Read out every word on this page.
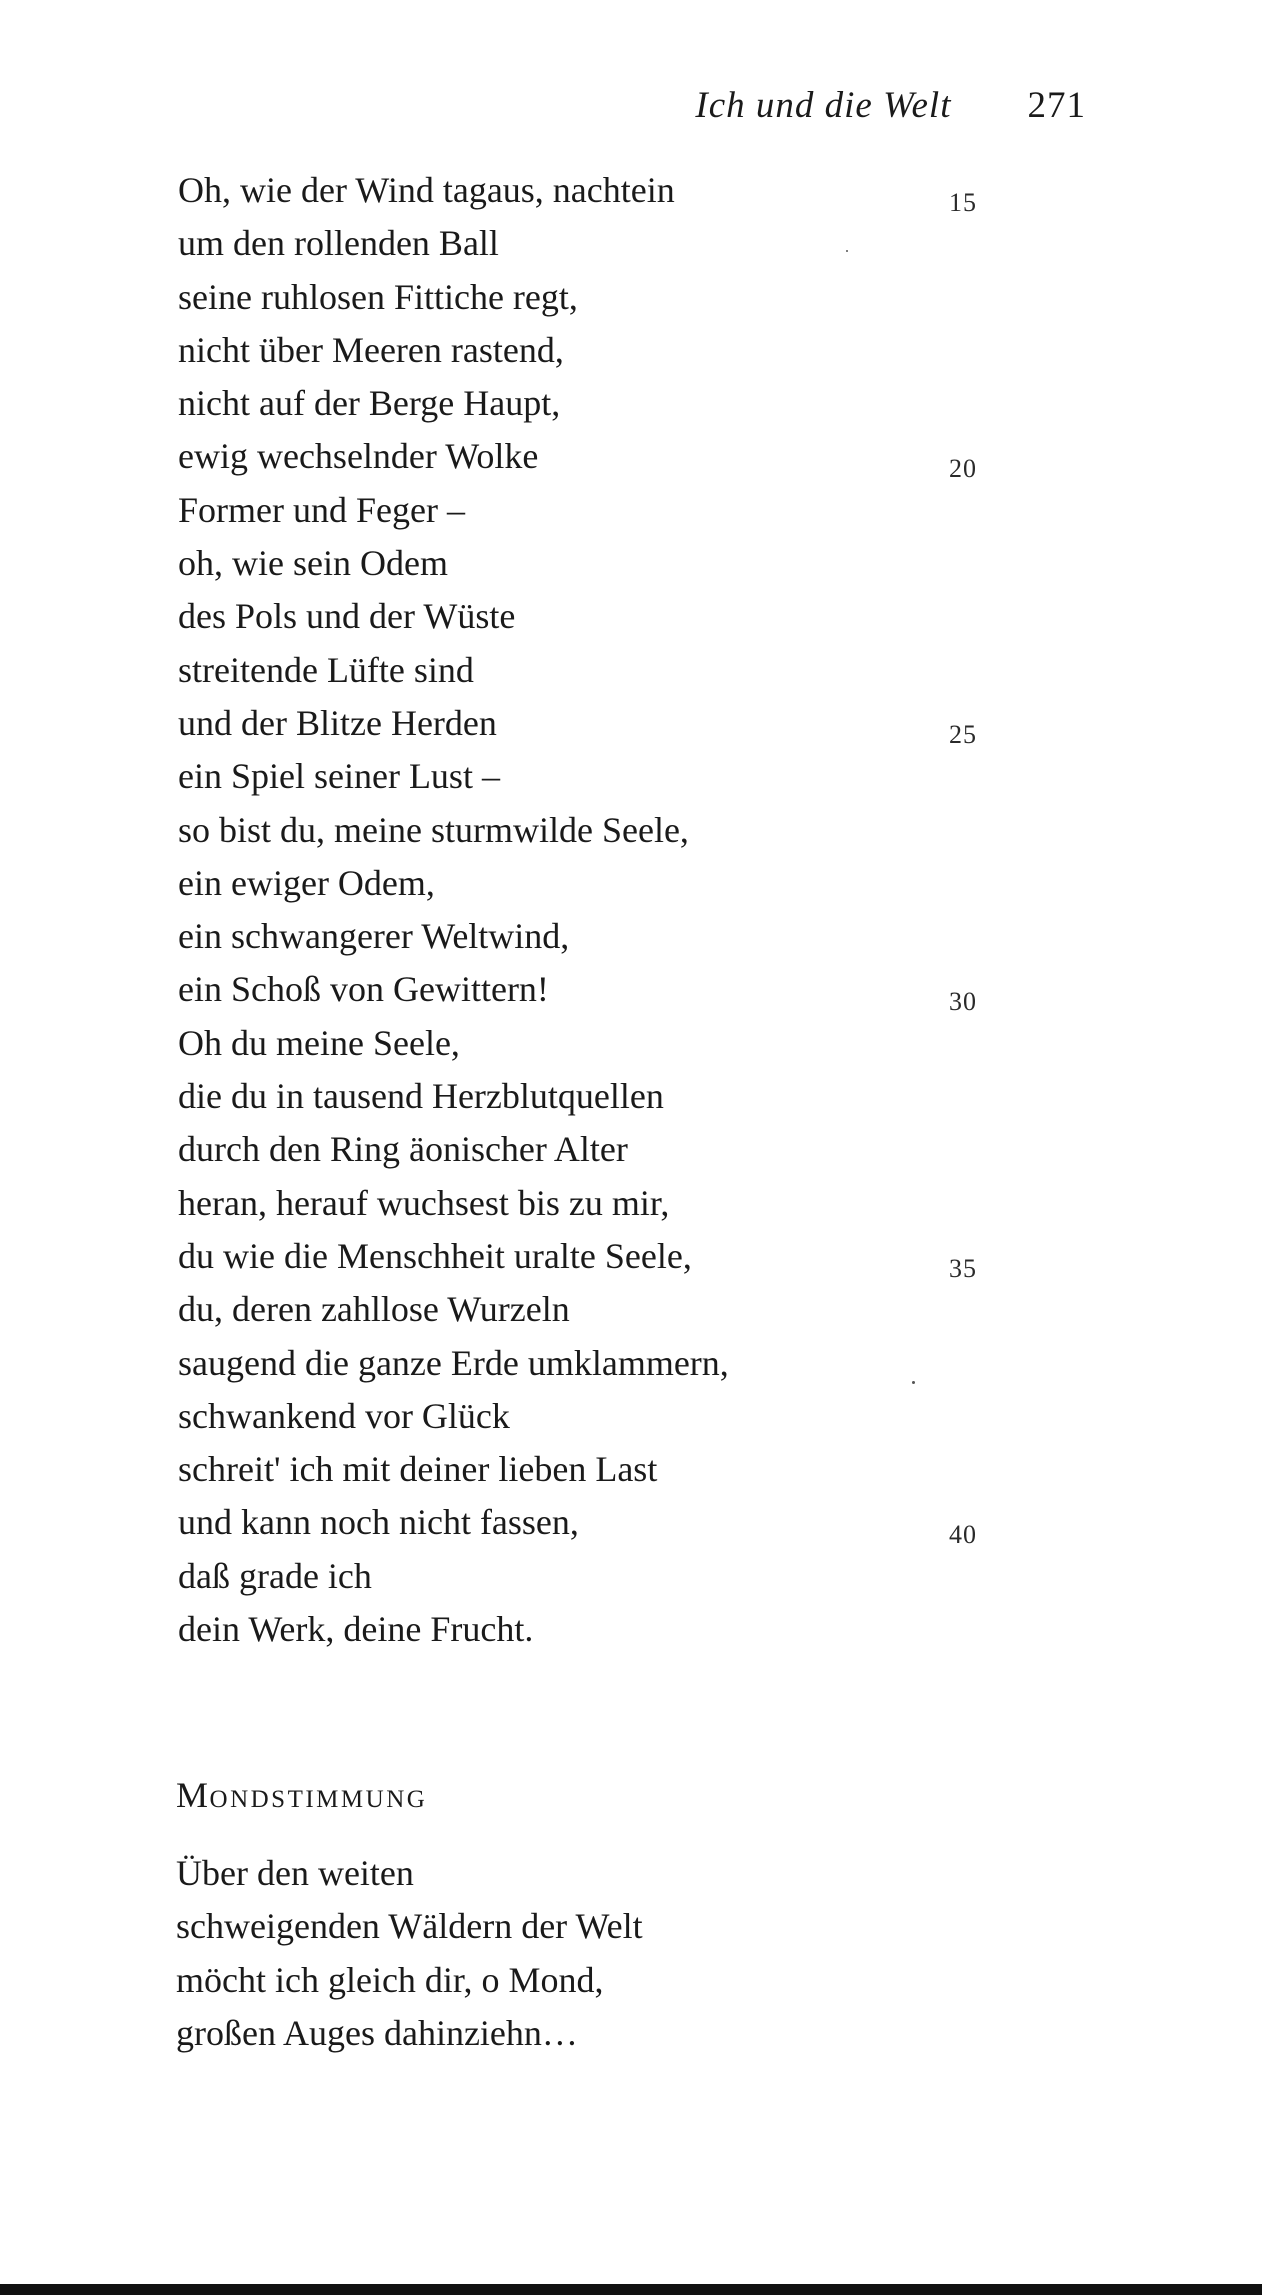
Ich und die Welt 271
Oh, wie der Wind tagaus, nachtein
um den rollenden Ball
seine ruhlosen Fittiche regt,
nicht über Meeren rastend,
nicht auf der Berge Haupt,
ewig wechselnder Wolke
Former und Feger –
oh, wie sein Odem
des Pols und der Wüste
streitende Lüfte sind
und der Blitze Herden
ein Spiel seiner Lust –
so bist du, meine sturmwilde Seele,
ein ewiger Odem,
ein schwangerer Weltwind,
ein Schoß von Gewittern!
Oh du meine Seele,
die du in tausend Herzblutquellen
durch den Ring äonischer Alter
heran, herauf wuchsest bis zu mir,
du wie die Menschheit uralte Seele,
du, deren zahllose Wurzeln
saugend die ganze Erde umklammern,
schwankend vor Glück
schreit' ich mit deiner lieben Last
und kann noch nicht fassen,
daß grade ich
dein Werk, deine Frucht.
15
20
25
30
35
40
MONDSTIMMUNG
Über den weiten
schweigenden Wäldern der Welt
möcht ich gleich dir, o Mond,
großen Auges dahinziehn…
